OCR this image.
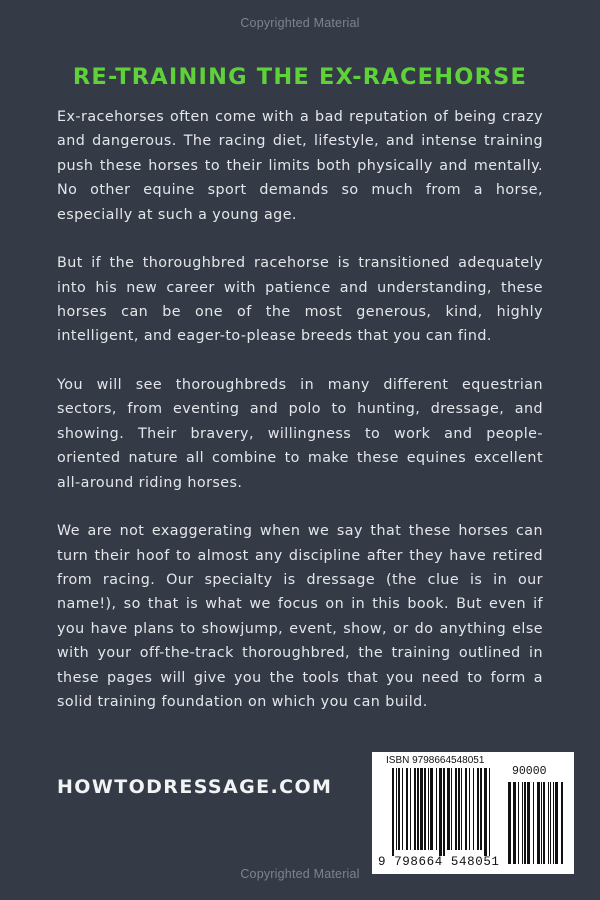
Copyrighted Material
RE-TRAINING THE EX-RACEHORSE

Ex-racehorses often come with a bad reputation of being crazy and dangerous. The racing diet, lifestyle, and intense training push these horses to their limits both physically and mentally. No other equine sport demands so much from a horse, especially at such a young age.

But if the thoroughbred racehorse is transitioned adequately into his new career with patience and understanding, these horses can be one of the most generous, kind, highly intelligent, and eager-to-please breeds that you can find.

You will see thoroughbreds in many different equestrian sectors, from eventing and polo to hunting, dressage, and showing. Their bravery, willingness to work and people-oriented nature all combine to make these equines excellent all-around riding horses.

We are not exaggerating when we say that these horses can turn their hoof to almost any discipline after they have retired from racing. Our specialty is dressage (the clue is in our name!), so that is what we focus on in this book. But even if you have plans to showjump, event, show, or do anything else with your off-the-track thoroughbred, the training outlined in these pages will give you the tools that you need to form a solid training foundation on which you can build.

HOWTODRESSAGE.COM
ISBN 9798664548051
90000
9 798664 548051
Copyrighted Material
